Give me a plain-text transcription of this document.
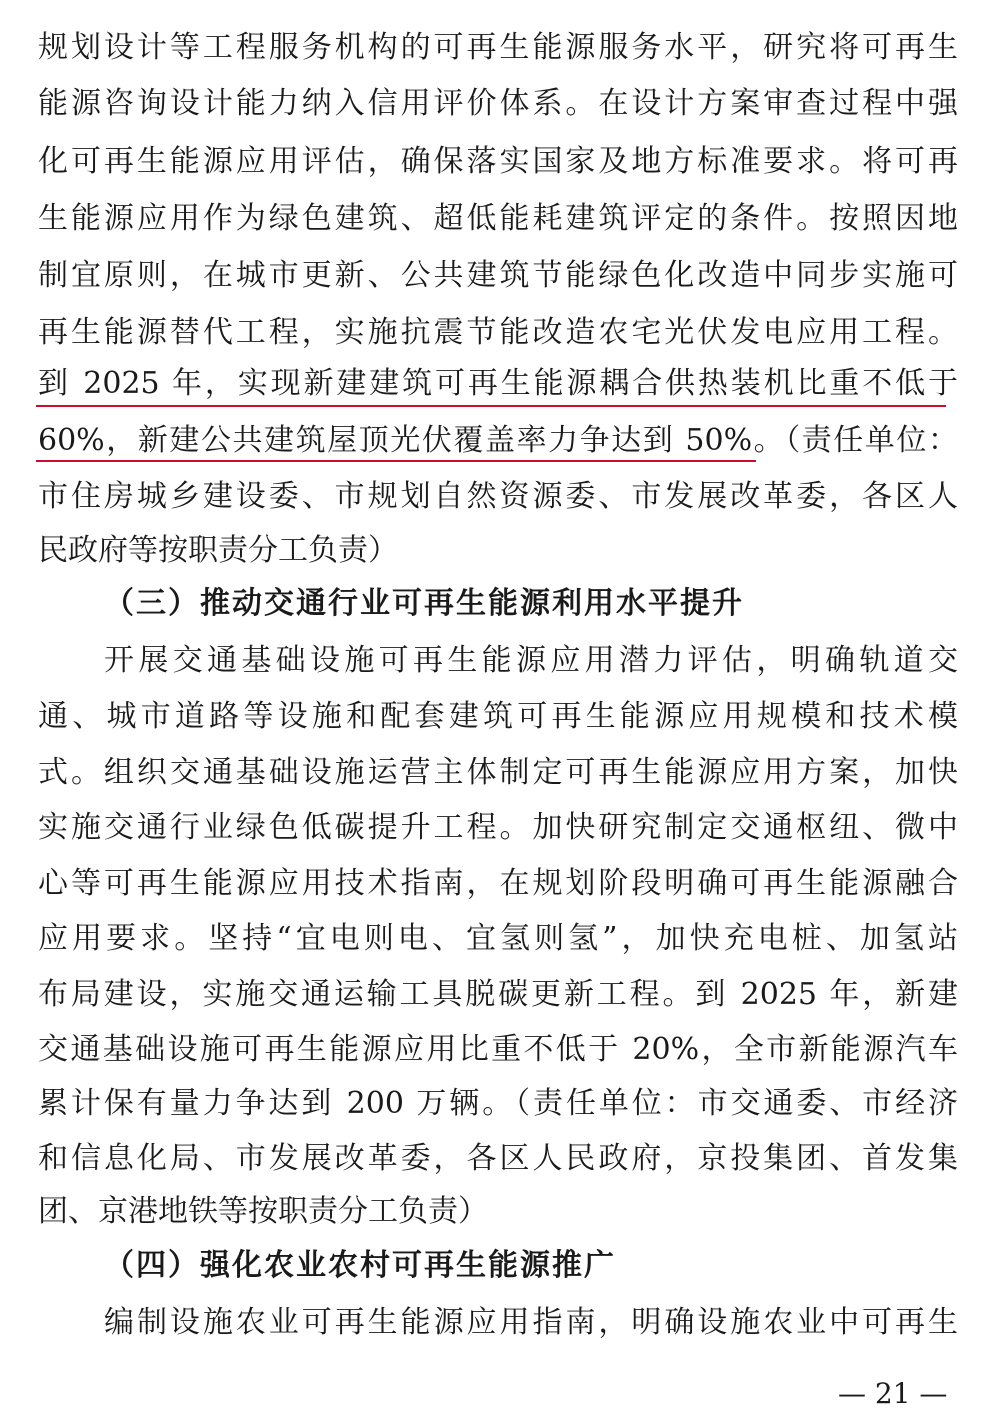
规划设计等工程服务机构的可再生能源服务水平，研究将可再生
能源咨询设计能力纳入信用评价体系。在设计方案审查过程中强
化可再生能源应用评估，确保落实国家及地方标准要求。将可再
生能源应用作为绿色建筑、超低能耗建筑评定的条件。按照因地
制宜原则，在城市更新、公共建筑节能绿色化改造中同步实施可
再生能源替代工程，实施抗震节能改造农宅光伏发电应用工程。
到 2025 年，实现新建建筑可再生能源耦合供热装机比重不低于
60%，新建公共建筑屋顶光伏覆盖率力争达到 50%。（责任单位：
市住房城乡建设委、市规划自然资源委、市发展改革委，各区人
民政府等按职责分工负责）
（三）推动交通行业可再生能源利用水平提升
开展交通基础设施可再生能源应用潜力评估，明确轨道交
通、城市道路等设施和配套建筑可再生能源应用规模和技术模
式。组织交通基础设施运营主体制定可再生能源应用方案，加快
实施交通行业绿色低碳提升工程。加快研究制定交通枢纽、微中
心等可再生能源应用技术指南，在规划阶段明确可再生能源融合
应用要求。坚持“宜电则电、宜氢则氢”，加快充电桩、加氢站
布局建设，实施交通运输工具脱碳更新工程。到 2025 年，新建
交通基础设施可再生能源应用比重不低于 20%，全市新能源汽车
累计保有量力争达到 200 万辆。（责任单位：市交通委、市经济
和信息化局、市发展改革委，各区人民政府，京投集团、首发集
团、京港地铁等按职责分工负责）
（四）强化农业农村可再生能源推广
编制设施农业可再生能源应用指南，明确设施农业中可再生
— 21 —
